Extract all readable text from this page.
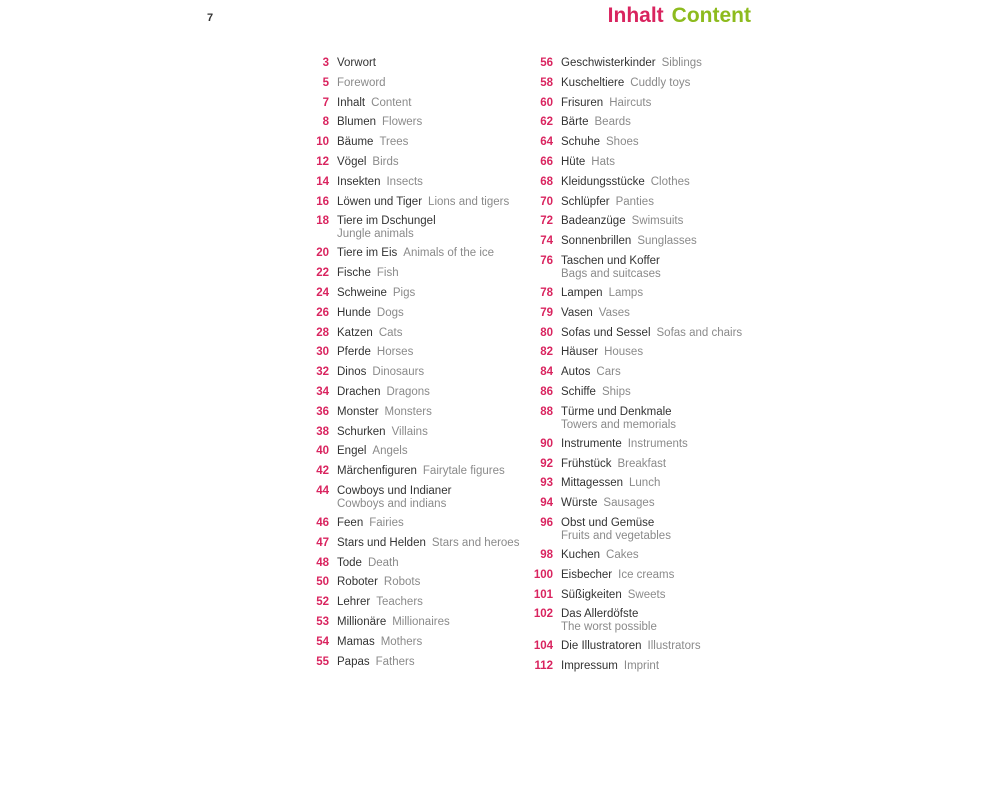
7	Inhalt Content
3 Vorwort
5 Foreword
7 Inhalt Content
8 Blumen Flowers
10 Bäume Trees
12 Vögel Birds
14 Insekten Insects
16 Löwen und Tiger Lions and tigers
18 Tiere im Dschungel
Jungle animals
20 Tiere im Eis Animals of the ice
22 Fische Fish
24 Schweine Pigs
26 Hunde Dogs
28 Katzen Cats
30 Pferde Horses
32 Dinos Dinosaurs
34 Drachen Dragons
36 Monster Monsters
38 Schurken Villains
40 Engel Angels
42 Märchenfiguren Fairytale figures
44 Cowboys und Indianer
Cowboys and indians
46 Feen Fairies
47 Stars und Helden Stars and heroes
48 Tode Death
50 Roboter Robots
52 Lehrer Teachers
53 Millionäre Millionaires
54 Mamas Mothers
55 Papas Fathers
56 Geschwisterkinder Siblings
58 Kuscheltiere Cuddly toys
60 Frisuren Haircuts
62 Bärte Beards
64 Schuhe Shoes
66 Hüte Hats
68 Kleidungsstücke Clothes
70 Schlüpfer Panties
72 Badeanzüge Swimsuits
74 Sonnenbrillen Sunglasses
76 Taschen und Koffer
Bags and suitcases
78 Lampen Lamps
79 Vasen Vases
80 Sofas und Sessel Sofas and chairs
82 Häuser Houses
84 Autos Cars
86 Schiffe Ships
88 Türme und Denkmale
Towers and memorials
90 Instrumente Instruments
92 Frühstück Breakfast
93 Mittagessen Lunch
94 Würste Sausages
96 Obst und Gemüse
Fruits and vegetables
98 Kuchen Cakes
100 Eisbecher Ice creams
101 Süßigkeiten Sweets
102 Das Allerdöfste
The worst possible
104 Die Illustratoren Illustrators
112 Impressum Imprint
